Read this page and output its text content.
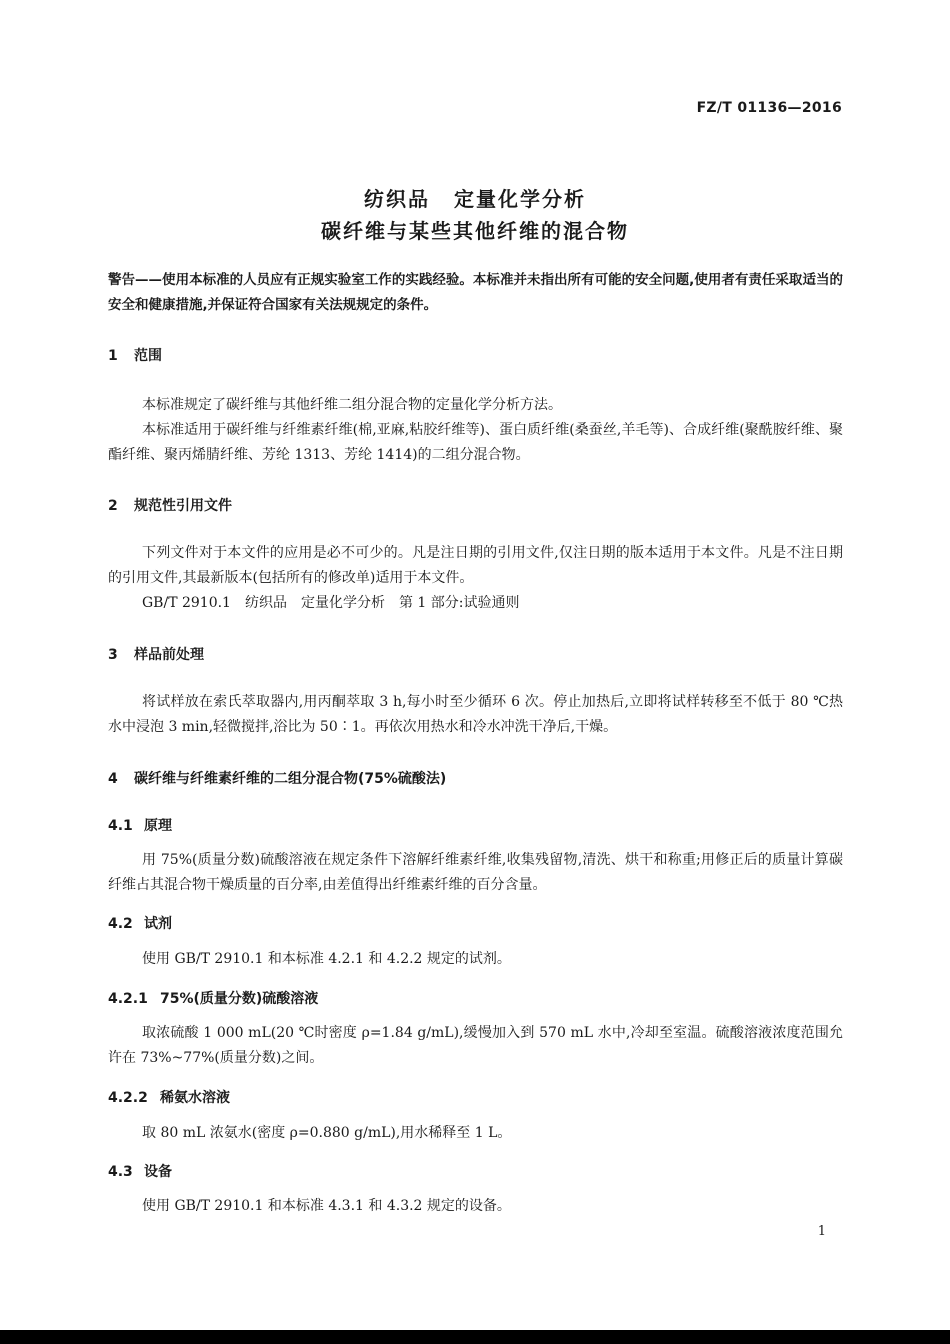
FZ/T 01136—2016
纺织品 定量化学分析
碳纤维与某些其他纤维的混合物
警告——使用本标准的人员应有正规实验室工作的实践经验。本标准并未指出所有可能的安全问题,使用者有责任采取适当的安全和健康措施,并保证符合国家有关法规规定的条件。
1 范围

本标准规定了碳纤维与其他纤维二组分混合物的定量化学分析方法。

本标准适用于碳纤维与纤维素纤维(棉,亚麻,粘胶纤维等)、蛋白质纤维(桑蚕丝,羊毛等)、合成纤维(聚酰胺纤维、聚酯纤维、聚丙烯腈纤维、芳纶 1313、芳纶 1414)的二组分混合物。

2 规范性引用文件

下列文件对于本文件的应用是必不可少的。凡是注日期的引用文件,仅注日期的版本适用于本文件。凡是不注日期的引用文件,其最新版本(包括所有的修改单)适用于本文件。

GB/T 2910.1　纺织品　定量化学分析　第 1 部分:试验通则

3 样品前处理

将试样放在索氏萃取器内,用丙酮萃取 3 h,每小时至少循环 6 次。停止加热后,立即将试样转移至不低于 80 ℃热水中浸泡 3 min,轻微搅拌,浴比为 50∶1。再依次用热水和冷水冲洗干净后,干燥。

4 碳纤维与纤维素纤维的二组分混合物(75%硫酸法)
4.1 原理

用 75%(质量分数)硫酸溶液在规定条件下溶解纤维素纤维,收集残留物,清洗、烘干和称重;用修正后的质量计算碳纤维占其混合物干燥质量的百分率,由差值得出纤维素纤维的百分含量。

4.2 试剂

使用 GB/T 2910.1 和本标准 4.2.1 和 4.2.2 规定的试剂。

4.2.1 75%(质量分数)硫酸溶液

取浓硫酸 1 000 mL(20 ℃时密度 ρ=1.84 g/mL),缓慢加入到 570 mL 水中,冷却至室温。硫酸溶液浓度范围允许在 73%~77%(质量分数)之间。

4.2.2 稀氨水溶液

取 80 mL 浓氨水(密度 ρ=0.880 g/mL),用水稀释至 1 L。

4.3 设备

使用 GB/T 2910.1 和本标准 4.3.1 和 4.3.2 规定的设备。

1
